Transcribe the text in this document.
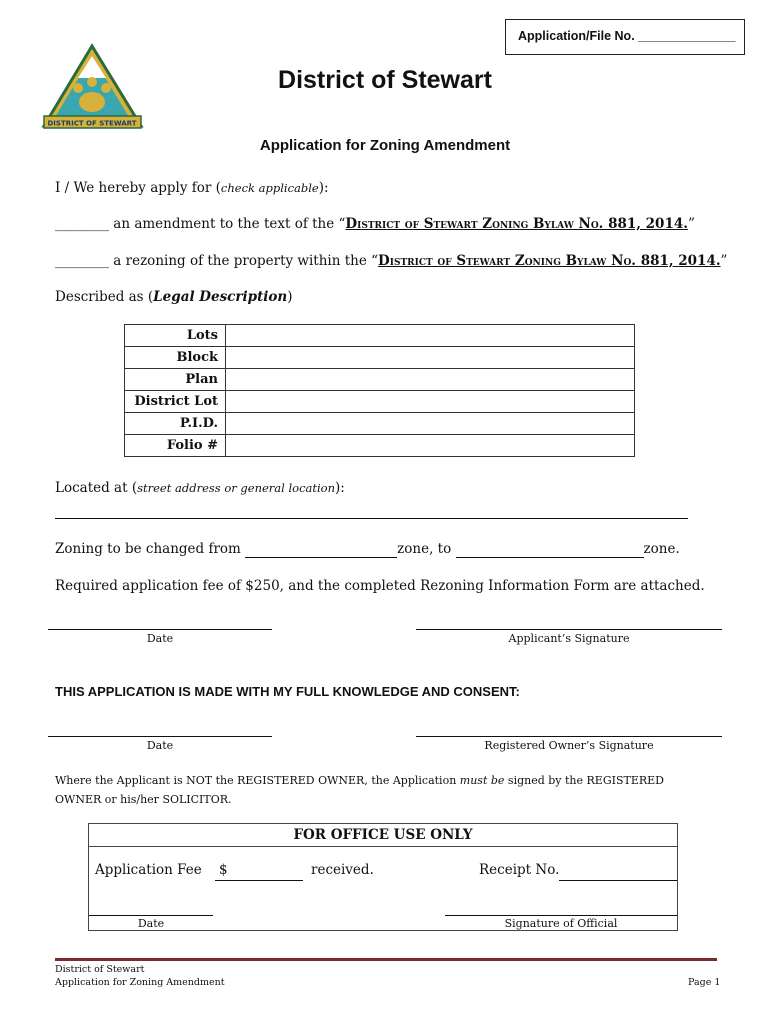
Application/File No. ______________
DISTRICT OF STEWART
District of Stewart
Application for Zoning Amendment
I / We hereby apply for (check applicable):
________ an amendment to the text of the “District of Stewart Zoning Bylaw No. 881, 2014.”
________ a rezoning of the property within the “District of Stewart Zoning Bylaw No. 881, 2014.”
Described as (Legal Description)
Lots	
Block	
Plan	
District Lot	
P.I.D.	
Folio #	
Located at (street address or general location):
Zoning to be changed from	zone, to	zone.
Required application fee of $250, and the completed Rezoning Information Form are attached.
Date	Applicant’s Signature
THIS APPLICATION IS MADE WITH MY FULL KNOWLEDGE AND CONSENT:
Date	Registered Owner’s Signature
Where the Applicant is NOT the REGISTERED OWNER, the Application must be signed by the REGISTERED OWNER or his/her SOLICITOR.
FOR OFFICE USE ONLY
Application Fee $	received.	Receipt No.
Date	Signature of Official
District of Stewart
Application for Zoning Amendment	Page 1
